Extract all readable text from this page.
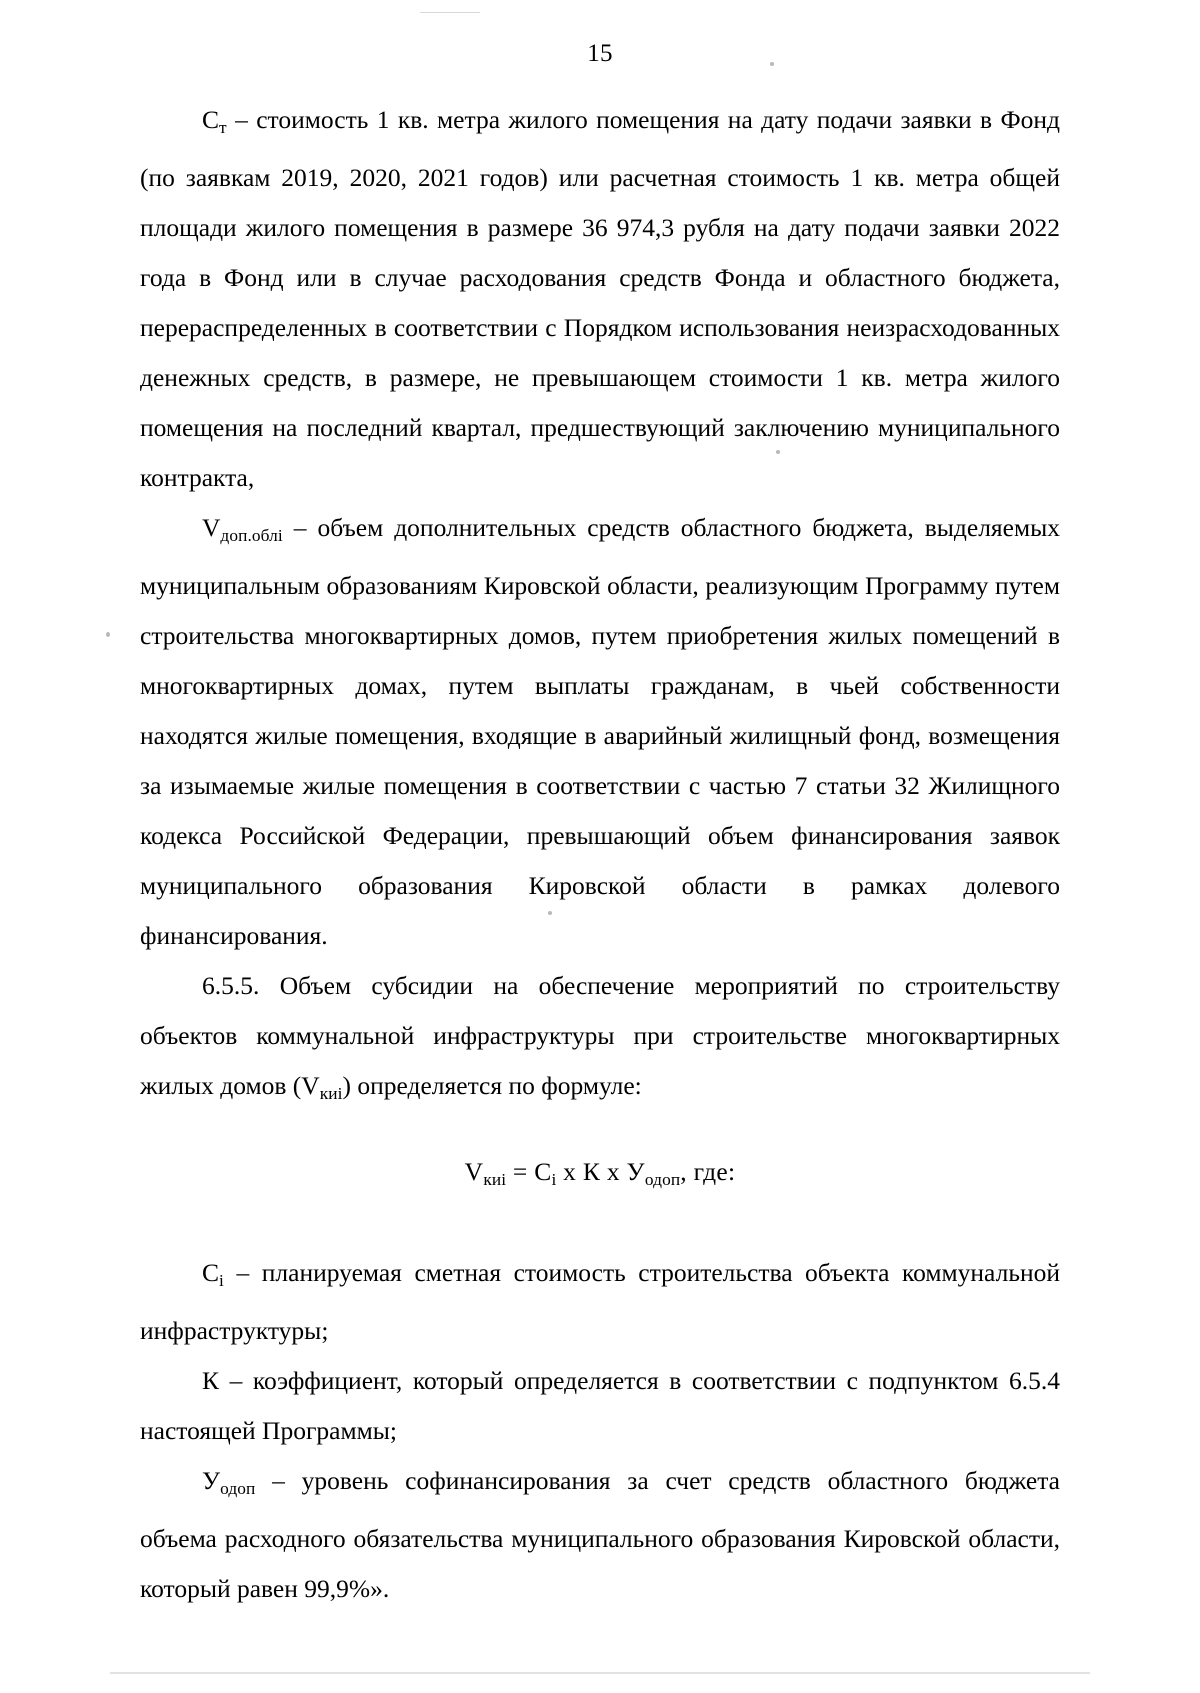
15

$C_т$ – стоимость 1 кв. метра жилого помещения на дату подачи заявки в Фонд (по заявкам 2019, 2020, 2021 годов) или расчетная стоимость 1 кв. метра общей площади жилого помещения в размере 36 974,3 рубля на дату подачи заявки 2022 года в Фонд или в случае расходования средств Фонда и областного бюджета, перераспределенных в соответствии с Порядком использования неизрасходованных денежных средств, в размере, не превышающем стоимости 1 кв. метра жилого помещения на последний квартал, предшествующий заключению муниципального контракта,

$V_{доп.облi}$ – объем дополнительных средств областного бюджета, выделяемых муниципальным образованиям Кировской области, реализующим Программу путем строительства многоквартирных домов, путем приобретения жилых помещений в многоквартирных домах, путем выплаты гражданам, в чьей собственности находятся жилые помещения, входящие в аварийный жилищный фонд, возмещения за изымаемые жилые помещения в соответствии с частью 7 статьи 32 Жилищного кодекса Российской Федерации, превышающий объем финансирования заявок муниципального образования Кировской области в рамках долевого финансирования.

6.5.5. Объем субсидии на обеспечение мероприятий по строительству объектов коммунальной инфраструктуры при строительстве многоквартирных жилых домов $(V_{киi})$ определяется по формуле:

$V_{киi} = C_i$ x К x $У_{одоп}$, где:

$C_i$ – планируемая сметная стоимость строительства объекта коммунальной инфраструктуры;

К – коэффициент, который определяется в соответствии с подпунктом 6.5.4 настоящей Программы;

$У_{одоп}$ – уровень софинансирования за счет средств областного бюджета объема расходного обязательства муниципального образования Кировской области, который равен 99,9%».
